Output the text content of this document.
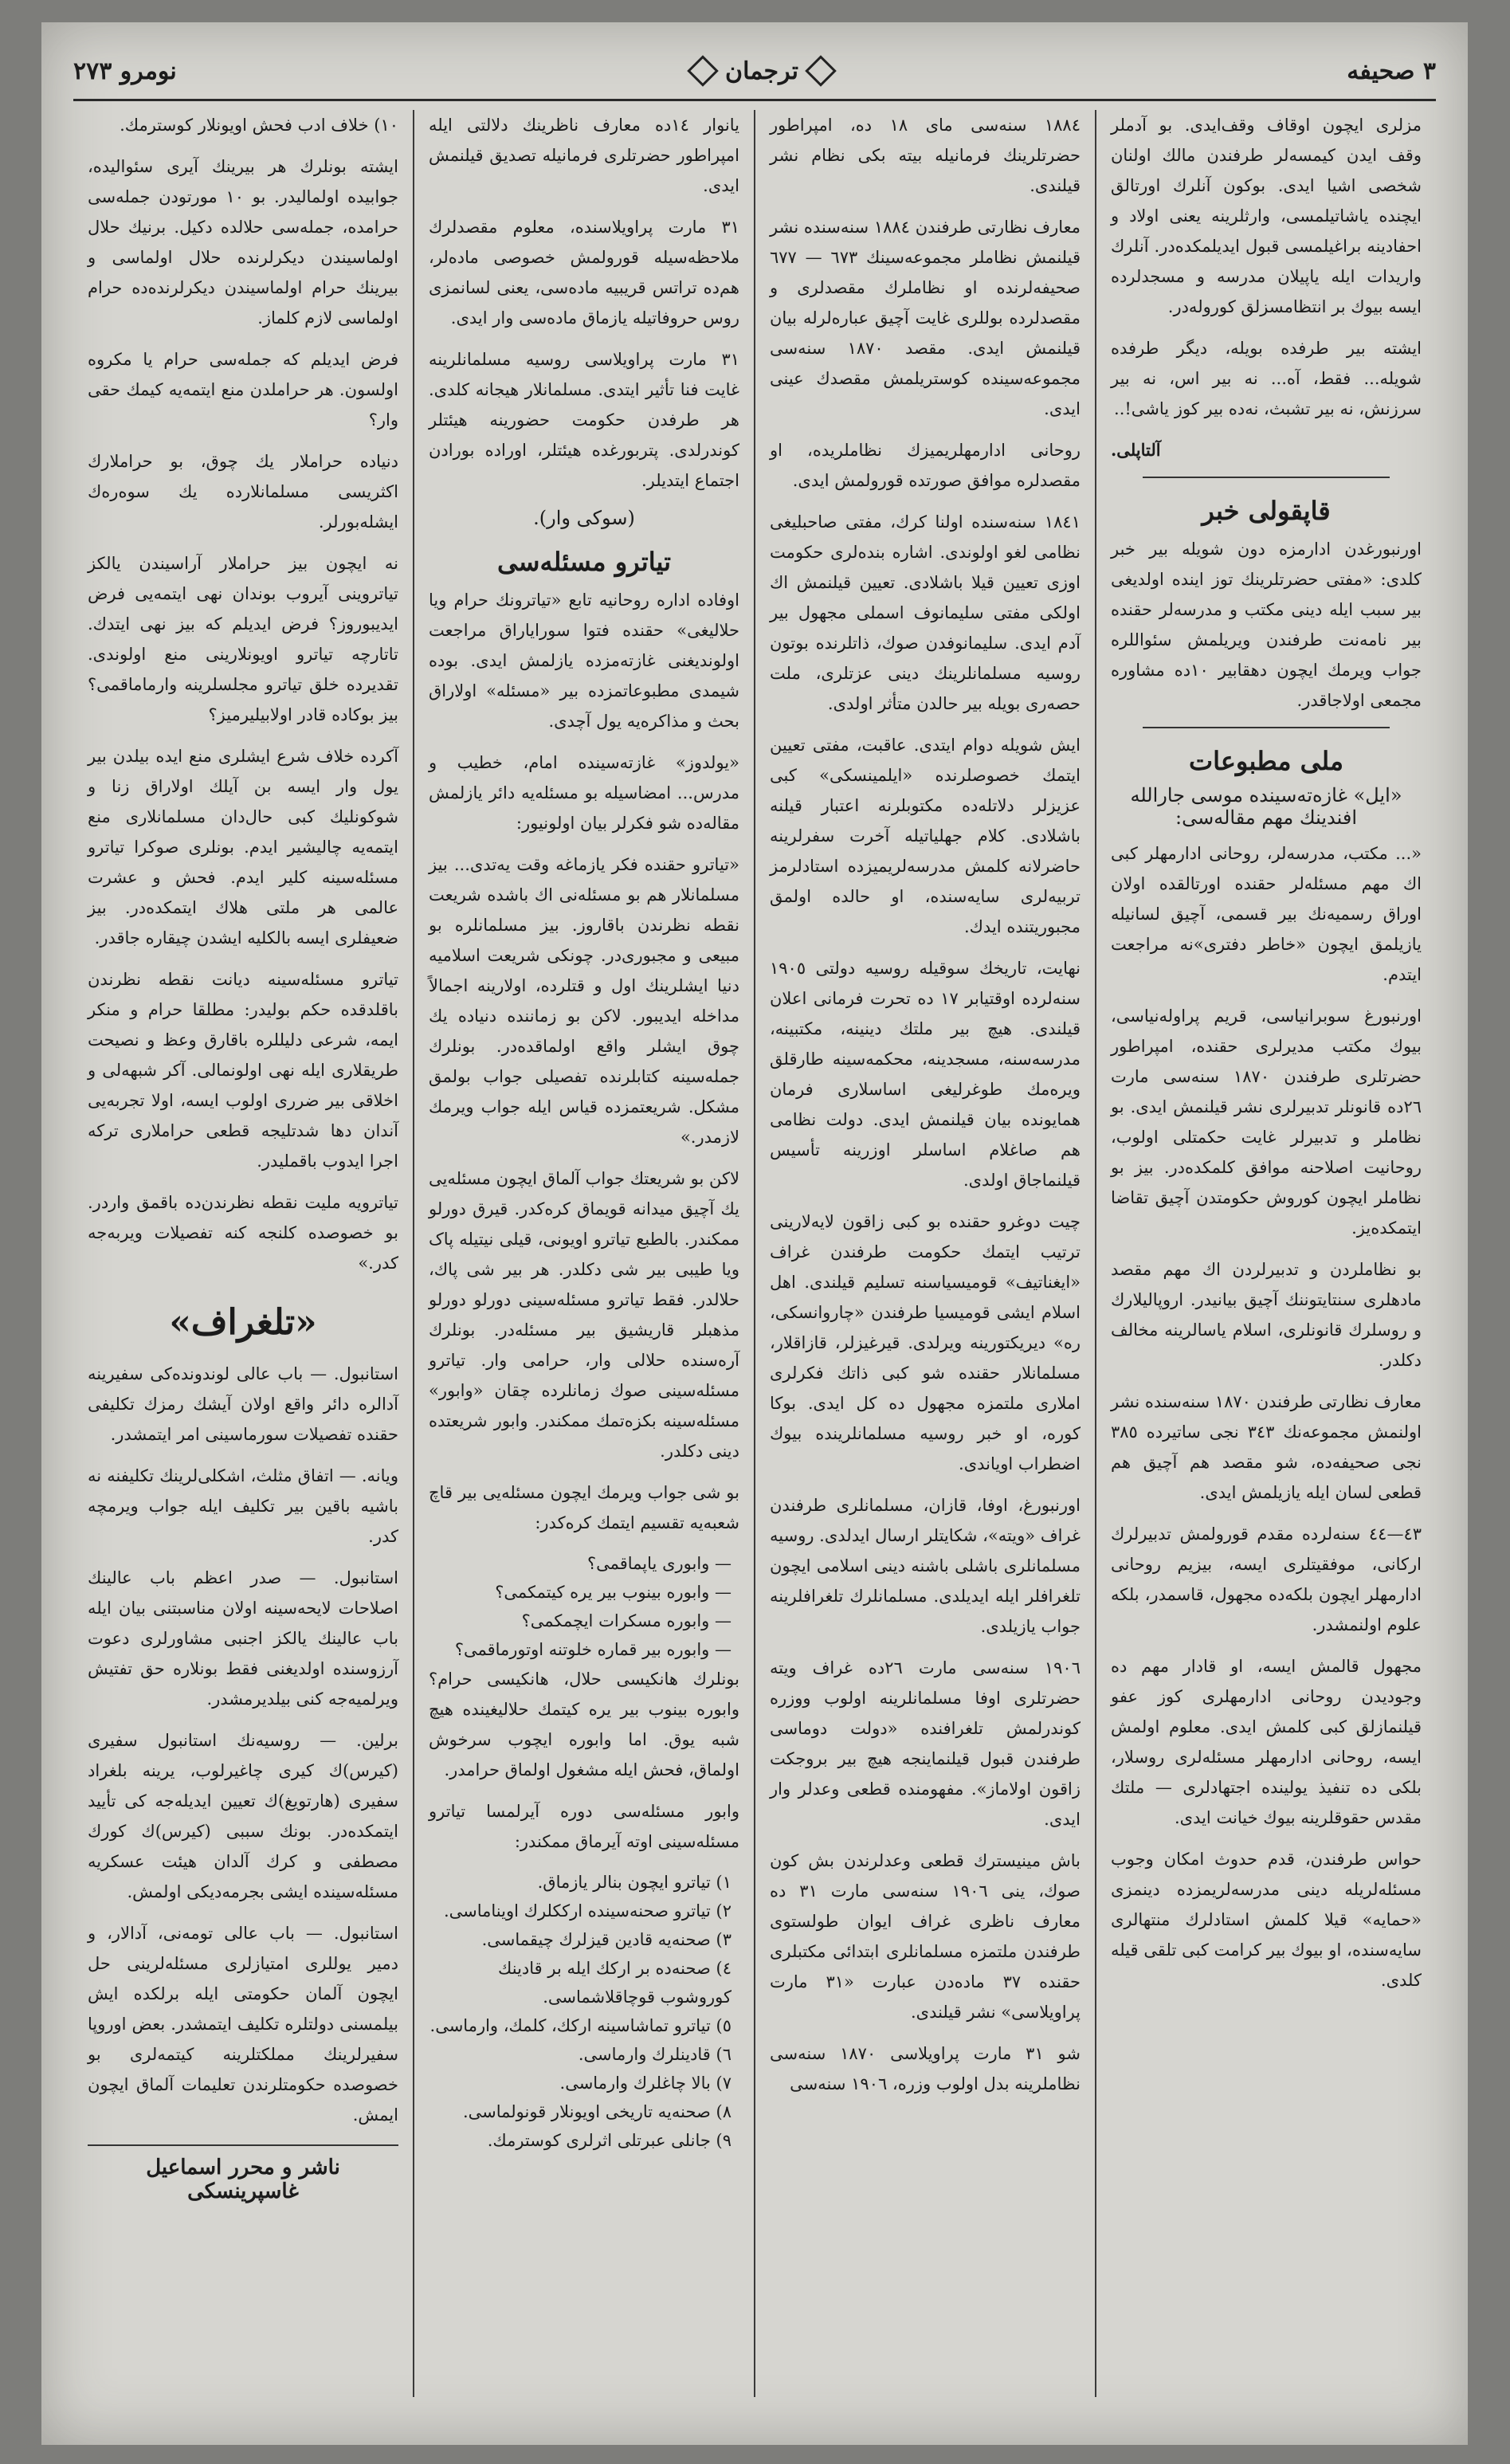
٣ صحيفه
ترجمان
نومرو ٢٧٣

مزلری ایچون اوقاف وقف‌ایدی. بو آدملر وقف ایدن کیمسه‌لر طرفندن مالك اولنان شخصی اشیا ایدی. بوکون آنلرك اورتالق ایچنده یاشاتیلمسی، وارثلرینه یعنی اولاد و احفادینه براغیلمسی قبول ایدیلمکده‌در. آنلرك واریدات ایله یاپیلان مدرسه و مسجدلرده ایسه بیوك بر انتظامسزلق کوروله‌در.

ایشته بیر طرفده بویله، دیگر طرفده شویله... فقط، آه... نه بیر اس، نه بیر سرزنش، نه بیر تشبث، نه‌ده بیر کوز یاشی!..

آلتاپلی.

قاپقولی خبر

اورنبورغدن ادارمزه دون شویله بیر خبر کلدی: «مفتی حضرتلرینك توز اینده اولدیغی بیر سبب ایله دینی مکتب و مدرسه‌لر حقنده بیر نامه‌نت طرفندن ویریلمش سئواللره جواب ویرمك ایچون دهقابیر ١٠ده مشاوره مجمعی اولاجاقدر.

ملی مطبوعات
«ایل» غازه‌ته‌سینده موسی جارالله افندینك مهم مقاله‌سی:

«... مکتب، مدرسه‌لر، روحانی ادارمهلر کبی اك مهم مسئله‌لر حقنده اورتالقده اولان اوراق رسمیه‌نك بیر قسمی، آچیق لسانیله یازیلمق ایچون «خاطر دفتری»نه مراجعت ایتدم.

اورنبورغ سوبرانیاسی، قریم پراوله‌نیاسی، بیوك مکتب مدیرلری حقنده، امپراطور حضرتلری طرفندن ١٨٧٠ سنه‌سی مارت ٢٦ده قانونلر تدبیرلری نشر قیلنمش ایدی. بو نظاملر و تدبیرلر غایت حکمتلی اولوب، روحانیت اصلاحنه موافق کلمکده‌در. بیز بو نظاملر ایچون کوروش حکومتدن آچیق تقاضا ایتمکده‌یز.

بو نظاملردن و تدبیرلردن اك مهم مقصد مادهلری سنتایتوننك آچیق بیانیدر. اروپالیلارك و روسلرك قانونلری، اسلام یاسالرینه مخالف دکلدر.

معارف نظارتی طرفندن ١٨٧٠ سنه‌سنده نشر اولنمش مجموعه‌نك ٣٤٣ نجی ساتیرده ٣٨٥ نجی صحیفه‌ده، شو مقصد هم آچیق هم قطعی لسان ایله یازیلمش ایدی.

٤٣—٤٤ سنه‌لرده مقدم قورولمش تدبیرلرك ارکانی، موفقیتلری ایسه، بیزیم روحانی ادارمهلر ایچون بلکه‌ده مجهول، قاسمدر، بلکه علوم اولنمشدر.

مجهول قالمش ایسه، او قادار مهم ده وجودیدن روحانی ادارمهلری کوز عفو قیلنمازلق کبی کلمش ایدی. معلوم اولمش ایسه، روحانی ادارمهلر مسئله‌لری روسلار، بلکی ده تنفیذ یولینده اجتهادلری — ملتك مقدس حقوقلرینه بیوك خیانت ایدی.

حواس طرفندن، قدم حدوث امکان وجوب مسئله‌لریله دینی مدرسه‌لریمزده دینمزی «حمایه» قیلا کلمش استادلرك منتهالری سایه‌سنده، او بیوك بیر کرامت کبی تلقی قیله کلدی.

١٨٨٤ سنه‌سی مای ١٨ ده، امپراطور حضرتلرینك فرمانیله بیته بکی نظام نشر قیلندی.

معارف نظارتی طرفندن ١٨٨٤ سنه‌سنده نشر قیلنمش نظاملر مجموعه‌سینك ٦٧٣ — ٦٧٧ صحیفه‌لرنده او نظاملرك مقصدلری و مقصدلرده بوللری غایت آچیق عباره‌لرله بیان قیلنمش ایدی. مقصد ١٨٧٠ سنه‌سی مجموعه‌سینده کوستریلمش مقصدك عینی ایدی.

روحانی ادارمهلریمیزك نظاملریده، او مقصدلره موافق صورتده قورولمش ایدی.

١٨٤١ سنه‌سنده اولنا کرك، مفتی صاحبلیغی نظامی لغو اولوندی. اشاره بنده‌لری حکومت اوزی تعیین قیلا باشلادی. تعیین قیلنمش اك اولکی مفتی سلیمانوف اسملی مجهول بیر آدم ایدی. سلیمانوفدن صوك، ذاتلرنده بوتون روسیه مسلمانلرینك دینی عزتلری، ملت حصه‌ری بویله بیر حالدن متأثر اولدی.

ایش شویله دوام ایتدی. عاقبت، مفتی تعیین ایتمك خصوصلرنده «ایلمینسکی» کبی عزیزلر دلاتله‌ده مکتوبلرنه اعتبار قیلنه باشلادی. کلام جهلیاتیله آخرت سفرلرینه حاضرلانه کلمش مدرسه‌لریمیزده استادلرمز تربیه‌لری سایه‌سنده، او حالده اولمق مجبوریتنده ایدك.

نهایت، تاریخك سوقیله روسیه دولتی ١٩٠٥ سنه‌لرده اوقتیابر ١٧ ده تحرت فرمانی اعلان قیلندی. هیچ بیر ملتك دینینه، مکتبینه، مدرسه‌سنه، مسجدینه، محکمه‌سینه طارقلق ویره‌مك طوغرلیغی اساسلاری فرمان همایونده بیان قیلنمش ایدی. دولت نظامی هم صاغلام اساسلر اوزرینه تأسیس قیلنماجاق اولدی.

چیت دوغرو حقنده بو کبی زاقون لایه‌لارینی ترتیب ایتمك حکومت طرفندن غراف «ایغناتیف» قومیسیاسنه تسلیم قیلندی. اهل اسلام ایشی قومیسیا طرفندن «چاروانسکی، ره» دیریکتورینه ویرلدی. قیرغیزلر، قازاقلار، مسلمانلار حقنده شو کبی ذاتك فکرلری املاری ملتمزه مجهول ده کل ایدی. بوکا کوره، او خبر روسیه مسلمانلرینده بیوك اضطراب اویاندی.

اورنبورغ، اوفا، قازان، مسلمانلری طرفندن غراف «ویته»، شکایتلر ارسال ایدلدی. روسیه مسلمانلری باشلی باشنه دینی اسلامی ایچون تلغرافلر ایله ایدیلدی. مسلمانلرك تلغرافلرینه جواب یازیلدی.

١٩٠٦ سنه‌سی مارت ٢٦ده غراف ویته حضرتلری اوفا مسلمانلرینه اولوب ووزره کوندرلمش تلغرافنده «دولت دوماسی طرفندن قبول قیلنماینجه هیچ بیر بروجکت زاقون اولاماز». مفهومنده قطعی وعدلر وار ایدی.

باش مینیسترك قطعی وعدلرندن بش کون صوك، ینی ١٩٠٦ سنه‌سی مارت ٣١ ده معارف ناظری غراف ایوان طولستوی طرفندن ملتمزه مسلمانلری ابتدائی مکتبلری حقنده ٣٧ ماده‌دن عبارت «٣١ مارت پراویلاسی» نشر قیلندی.

شو ٣١ مارت پراویلاسی ١٨٧٠ سنه‌سی نظاملرینه بدل اولوب وزره، ١٩٠٦ سنه‌سی

یانوار ١٤ده معارف ناظرینك دلالتی ایله امپراطور حضرتلری فرمانیله تصدیق قیلنمش ایدی.

٣١ مارت پراویلاسنده، معلوم مقصدلرك ملاحظه‌سیله قورولمش خصوصی ماده‌لر، هم‌ده تراتس قریبیه ماده‌سی، یعنی لسانمزی روس حروفاتیله یازماق ماده‌سی وار ایدی.

٣١ مارت پراویلاسی روسیه مسلمانلرینه غایت فنا تأثیر ایتدی. مسلمانلار هیجانه کلدی. هر طرفدن حکومت حضورینه هیئتلر کوندرلدی. پتربورغده هیئتلر، اوراده بورادن اجتماع ایتدیلر.

(سوکی وار).
تیاترو مسئله‌سی

اوفاده اداره روحانیه تابع «تیاترونك حرام ویا حلالیغی» حقنده فتوا سورایاراق مراجعت اولوندیغنی غازته‌مزده یازلمش ایدی. بوده شیمدی مطبوعاتمزده بیر «مسئله» اولاراق بحث و مذاکره‌یه یول آچدی.

«یولدوز» غازته‌سینده امام، خطیب و مدرس... امضاسیله بو مسئله‌یه دائر یازلمش مقاله‌ده شو فکرلر بیان اولونیور:

«تیاترو حقنده فکر یازماغه وقت یه‌تدی... بیز مسلمانلار هم بو مسئله‌نی اك باشده شریعت نقطه نظرندن باقاروز. بیز مسلمانلره بو مبیعی و مجبوری‌در. چونکی شریعت اسلامیه دنیا ایشلرینك اول و قتلرده، اولارینه اجمالاً مداخله ایدیبور. لاکن بو زماننده دنیاده یك چوق ایشلر واقع اولماقده‌در. بونلرك جمله‌سینه کتابلرنده تفصیلی جواب بولمق مشکل. شریعتمزده قیاس ایله جواب ویرمك لازمدر.»

لاکن بو شریعتك جواب آلماق ایچون مسئله‌یی یك آچیق میدانه قویماق کره‌کدر. قیرق دورلو ممکندر. بالطبع تیاترو اویونی، قیلی نیتیله پاک ویا طیبی بیر شی دکلدر. هر بیر شی پاك، حلالدر. فقط تیاترو مسئله‌سینی دورلو دورلو مذهبلر قاریشیق بیر مسئله‌در. بونلرك آره‌سنده حلالی وار، حرامی وار. تیاترو مسئله‌سینی صوك زمانلرده چقان «وابور» مسئله‌سینه بکزه‌تمك ممکندر. وابور شریعتده دینی دکلدر.

بو شی جواب ویرمك ایچون مسئله‌یی بیر قاچ شعبه‌یه تقسیم ایتمك کره‌کدر:

— وابوری یاپماقمی؟
— وابوره بینوب بیر یره کیتمکمی؟
— وابوره مسکرات ایچمکمی؟
— وابوره بیر قماره خلوتنه اوتورماقمی؟

بونلرك هانکیسی حلال، هانکیسی حرام؟ وابوره بینوب بیر یره کیتمك حلالیغینده هیچ شبه یوق. اما وابوره ایچوب سرخوش اولماق، فحش ایله مشغول اولماق حرامدر.

وابور مسئله‌سی دوره آیرلمسا تیاترو مسئله‌سینی اوته آیرماق ممکندر:

١) تیاترو ایچون بنالر یازماق.
٢) تیاترو صحنه‌سینده ارککلرك اویناماسی.
٣) صحنه‌یه قادین قیزلرك چیقماسی.
٤) صحنه‌ده بر ارکك ایله بر قادینك کوروشوب قوچاقلاشماسی.
٥) تیاترو تماشاسینه ارکك، کلمك، وارماسی.
٦) قادینلرك وارماسی.
٧) بالا چاغلرك وارماسی.
٨) صحنه‌یه تاریخی اویونلار قونولماسی.
٩) جانلی عبرتلی اثرلری کوسترمك.

١٠) خلاف ادب فحش اویونلار کوسترمك.

ایشته بونلرك هر بیرینك آیری سئوالیده، جوابیده اولمالیدر. بو ١٠ مورتودن جمله‌سی حرامده، جمله‌سی حلالده دکیل. برنیك حلال اولماسیندن دیکرلرنده حلال اولماسی و بیرینك حرام اولماسیندن دیکرلرنده‌ده حرام اولماسی لازم کلماز.

فرض ایدیلم که جمله‌سی حرام یا مکروه اولسون. هر حراملدن منع ایتمه‌یه کیمك حقی وار؟

دنیاده حراملار یك چوق، بو حراملارك اکثریسی مسلمانلارده یك سوه‌ره‌ك ایشله‌بورلر.

نه ایچون بیز حراملار آراسیندن یالکز تیاتروینی آیروب بوندان نهی ایتمه‌یی فرض ایدیبوروز؟ فرض ایدیلم که بیز نهی ایتدك. تاتارچه تیاترو اویونلارینی منع اولوندی. تقدیرده خلق تیاترو مجلسلرینه وارماماقمی؟ بیز بوکاده قادر اولابیلیرمیز؟

آکرده خلاف شرع ایشلری منع ایده بیلدن بیر یول وار ایسه بن آیلك اولاراق زنا و شوکونلیك کبی حال‌دان مسلمانلاری منع ایتمه‌یه چالیشیر ایدم. بونلری صوکرا تیاترو مسئله‌سینه کلیر ایدم. فحش و عشرت عالمی هر ملتی هلاك ایتمکده‌در. بیز ضعیفلری ایسه بالکلیه ایشدن چیقاره جاقدر.

تیاترو مسئله‌سینه دیانت نقطه نظرندن باقلدقده حکم بولیدر: مطلقا حرام و منکر ایمه، شرعی دلیللره باقارق وعظ و نصیحت طریقلاری ایله نهی اولونمالی. آکر شبهه‌لی و اخلاقی بیر ضرری اولوب ایسه، اولا تجربه‌یی آندان دها شدتلیجه قطعی حراملاری ترکه اجرا ایدوب باقملیدر.

تیاترویه ملیت نقطه نظرندن‌ده باقمق واردر. بو خصوصده کلنجه کنه تفصیلات ویربه‌جه کدر.»

«تلغراف»

استانبول. — باب عالی لوندونده‌کی سفیرینه آدالره دائر واقع اولان آیشك رمزك تکلیفی حقنده تفصیلات سورماسینی امر ایتمشدر.

ویانه. — اتفاق مثلث، اشکلی‌لرینك تکلیفنه نه باشیه باقین بیر تکلیف ایله جواب ویرمچه کدر.

استانبول. — صدر اعظم باب عالینك اصلاحات لایحه‌سینه اولان مناسبتنی بیان ایله باب عالینك یالکز اجنبی مشاورلری دعوت آرزوسنده اولدیغنی فقط بونلاره حق تفتیش ویرلمیه‌جه کنی بیلدیرمشدر.

برلین. — روسیه‌نك استانبول سفیری (کیرس)‌ك کیری چاغیرلوب، یرینه بلغراد سفیری (هارتویغ)‌ك تعیین ایدیله‌جه کی تأیید ایتمکده‌در. بونك سببی (کیرس)‌ك کورك مصطفی و کرك آلدان هیئت عسکریه مسئله‌سینده ایشی بجرمه‌دیکی اولمش.

استانبول. — باب عالی تومه‌نی، آدالار، و دمیر یوللری امتیازلری مسئله‌لرینی حل ایچون آلمان حکومتی ایله برلکده ایش بیلمسنی دولتلره تکلیف ایتمشدر. بعض اوروپا سفیرلرینك مملکتلرینه کیتمه‌لری بو خصوصده حکومتلرندن تعلیمات آلماق ایچون ایمش.

ناشر و محرر اسماعیل غاسپرینسکی
